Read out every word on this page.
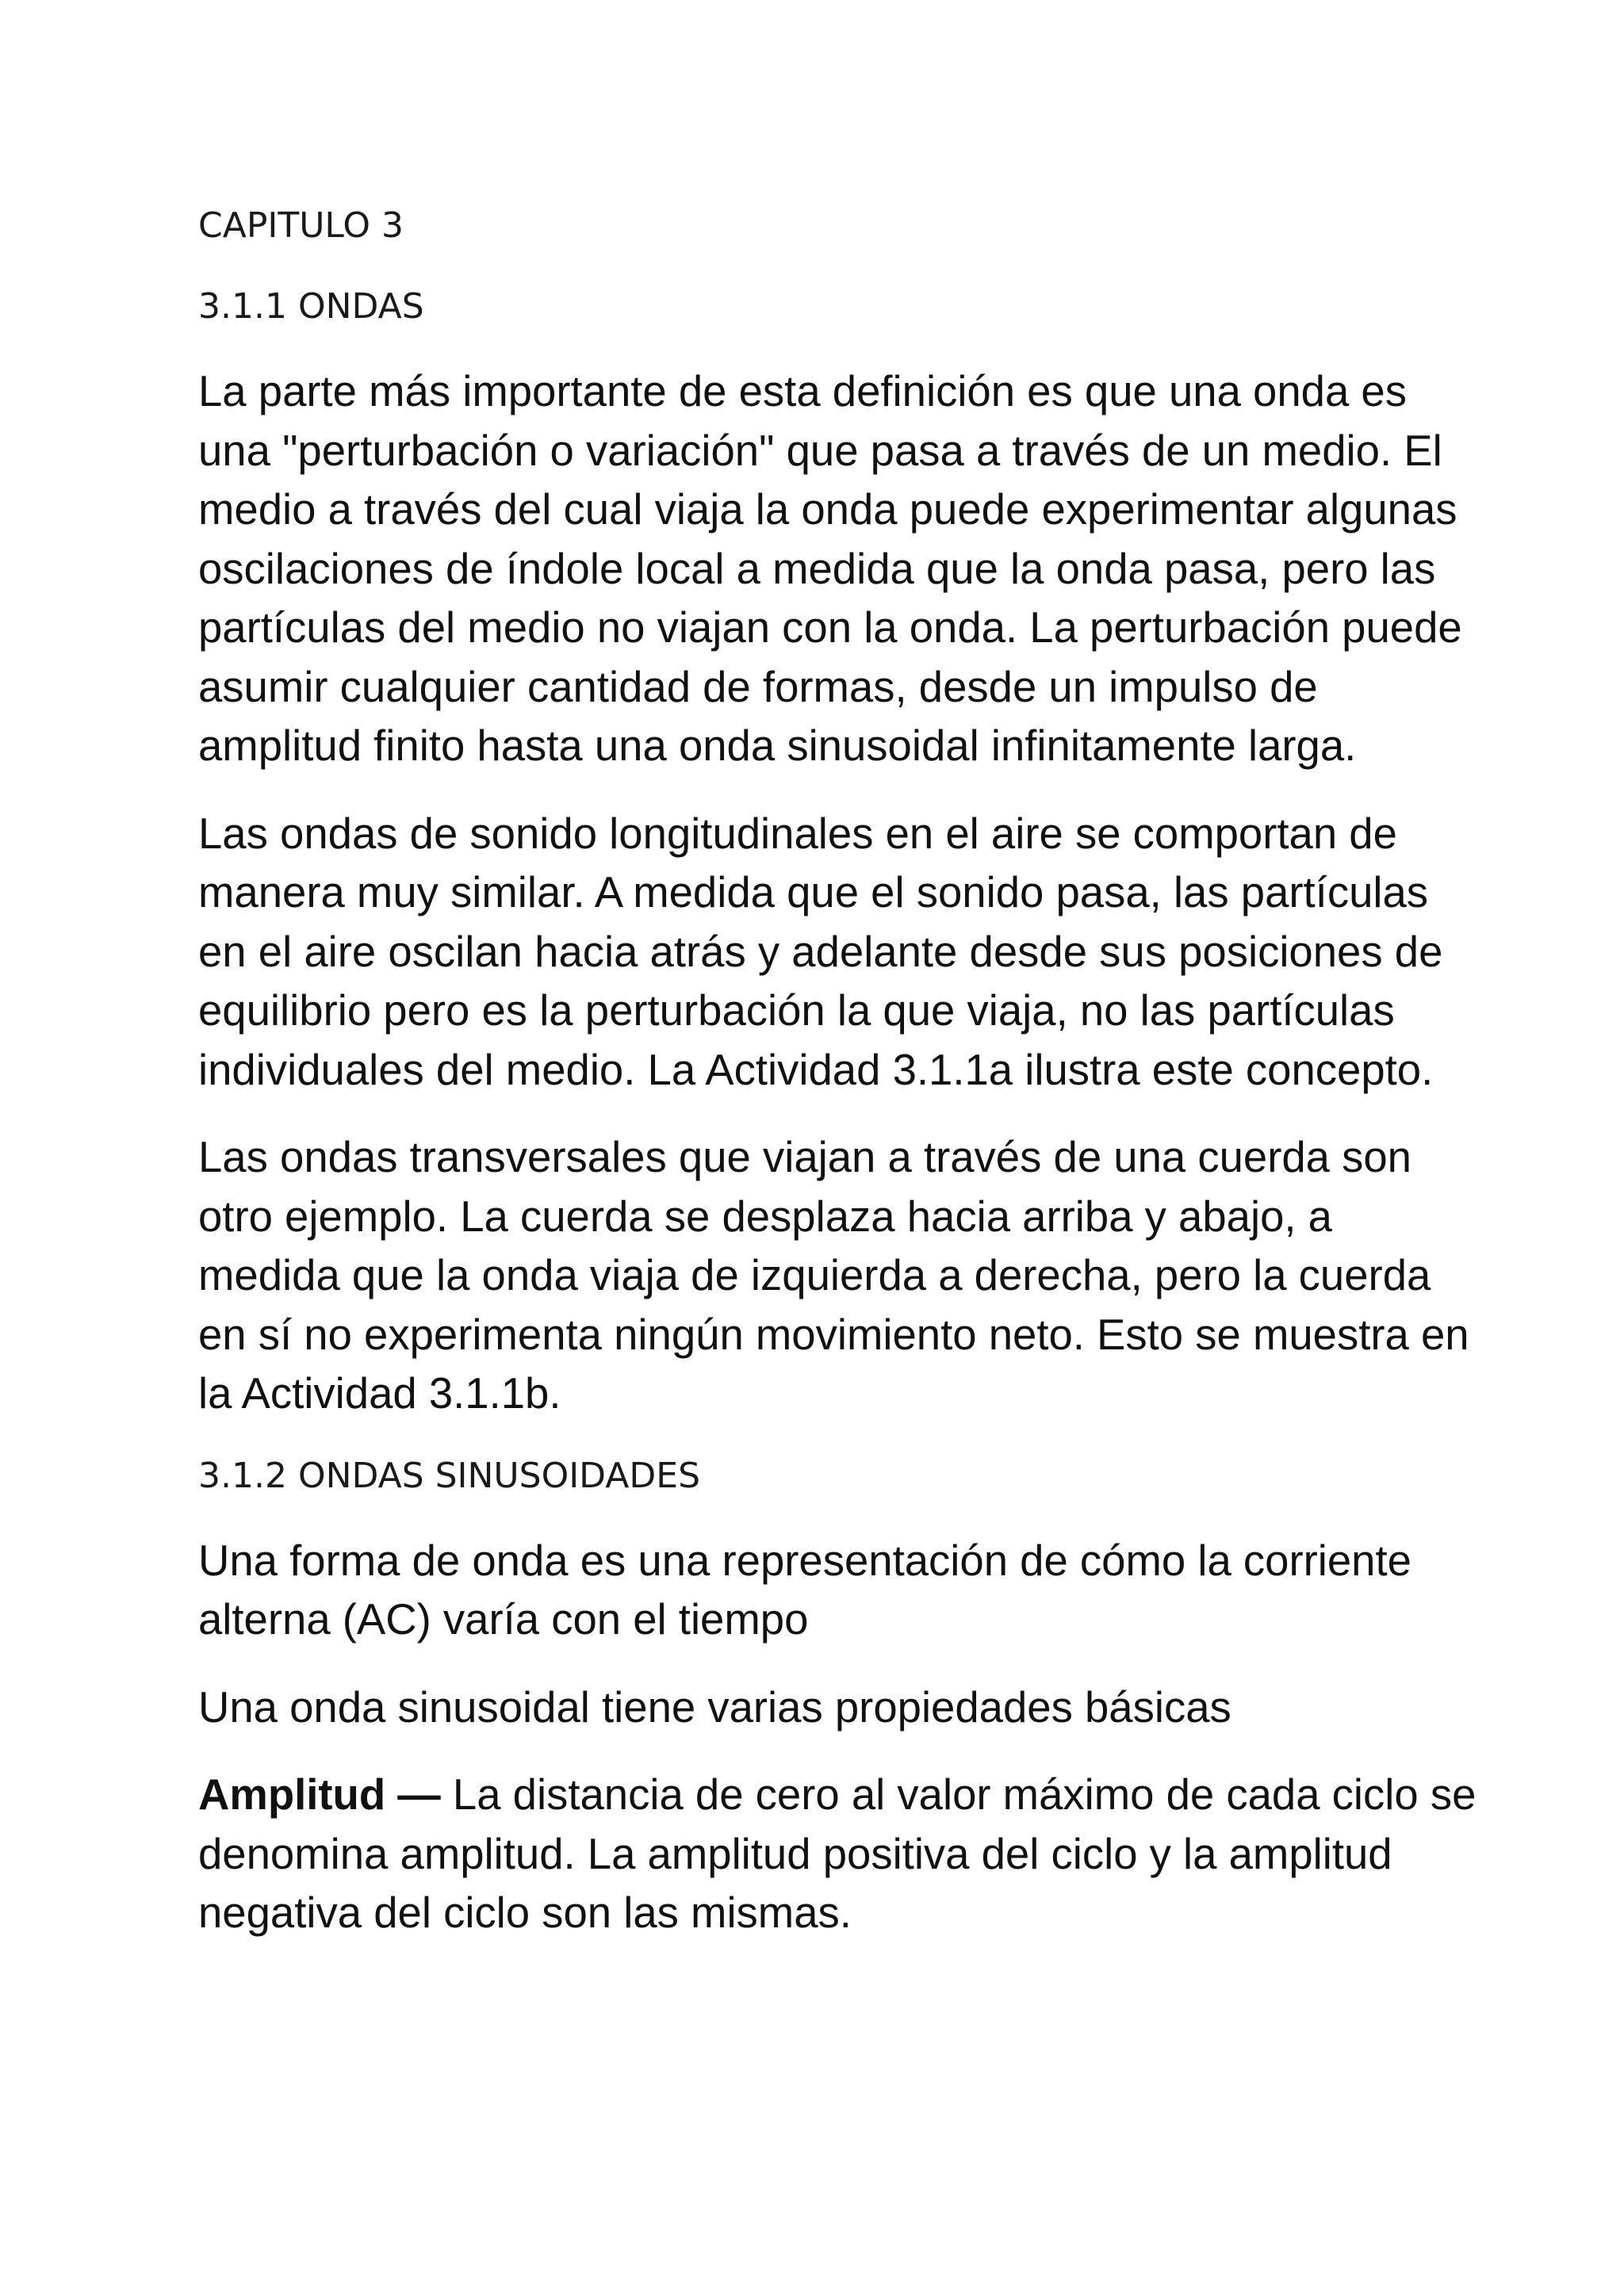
CAPITULO 3
3.1.1 ONDAS

La parte más importante de esta definición es que una onda es una "perturbación o variación" que pasa a través de un medio. El medio a través del cual viaja la onda puede experimentar algunas oscilaciones de índole local a medida que la onda pasa, pero las partículas del medio no viajan con la onda. La perturbación puede asumir cualquier cantidad de formas, desde un impulso de amplitud finito hasta una onda sinusoidal infinitamente larga.

Las ondas de sonido longitudinales en el aire se comportan de manera muy similar. A medida que el sonido pasa, las partículas en el aire oscilan hacia atrás y adelante desde sus posiciones de equilibrio pero es la perturbación la que viaja, no las partículas individuales del medio. La Actividad 3.1.1a ilustra este concepto.

Las ondas transversales que viajan a través de una cuerda son otro ejemplo. La cuerda se desplaza hacia arriba y abajo, a medida que la onda viaja de izquierda a derecha, pero la cuerda en sí no experimenta ningún movimiento neto. Esto se muestra en la Actividad 3.1.1b.

3.1.2 ONDAS SINUSOIDADES

Una forma de onda es una representación de cómo la corriente alterna (AC) varía con el tiempo

Una onda sinusoidal tiene varias propiedades básicas

Amplitud — La distancia de cero al valor máximo de cada ciclo se denomina amplitud. La amplitud positiva del ciclo y la amplitud negativa del ciclo son las mismas.
